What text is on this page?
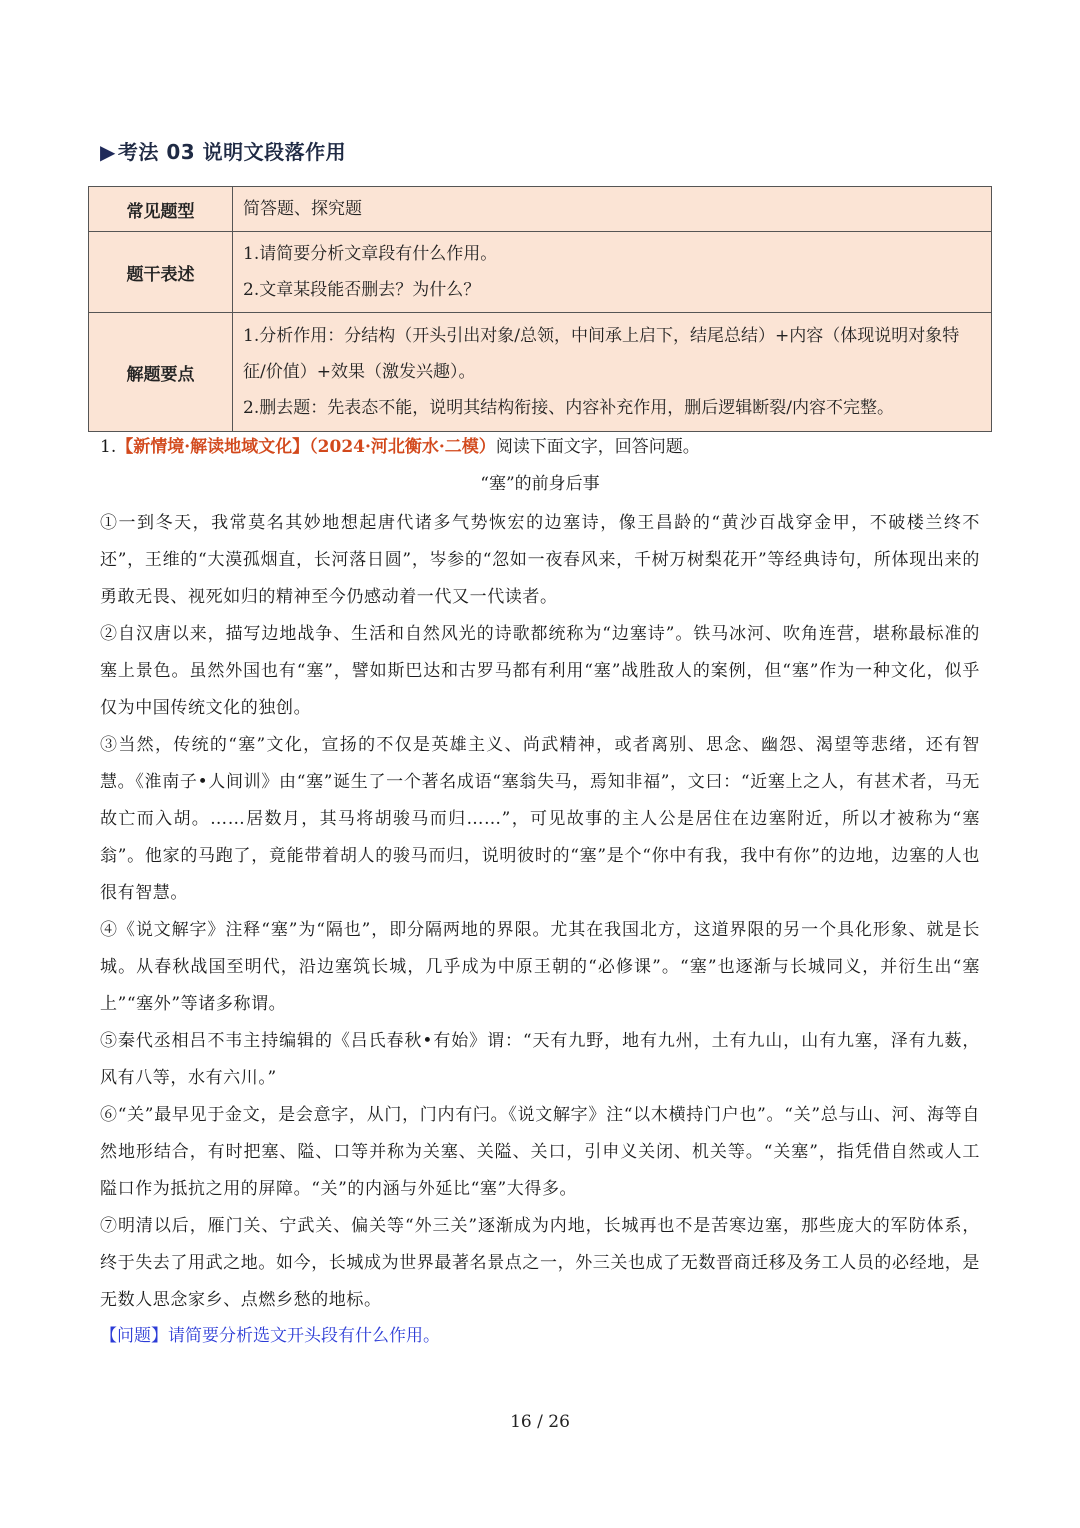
▶ 考法 03 说明文段落作用
常见题型	简答题、探究题

题干表述	1.请简要分析文章段有什么作用。
2.文章某段能否删去？为什么？

解题要点	1.分析作用：分结构（开头引出对象/总领，中间承上启下，结尾总结）+内容（体现说明对象特征/价值）+效果（激发兴趣）。
2.删去题：先表态不能，说明其结构衔接、内容补充作用，删后逻辑断裂/内容不完整。
1.【新情境·解读地域文化】（2024·河北衡水·二模）阅读下面文字，回答问题。
“塞”的前身后事

①一到冬天，我常莫名其妙地想起唐代诸多气势恢宏的边塞诗，像王昌龄的“黄沙百战穿金甲，不破楼兰终不还”，王维的“大漠孤烟直，长河落日圆”，岑参的“忽如一夜春风来，千树万树梨花开”等经典诗句，所体现出来的勇敢无畏、视死如归的精神至今仍感动着一代又一代读者。

②自汉唐以来，描写边地战争、生活和自然风光的诗歌都统称为“边塞诗”。铁马冰河、吹角连营，堪称最标准的塞上景色。虽然外国也有“塞”，譬如斯巴达和古罗马都有利用“塞”战胜敌人的案例，但“塞”作为一种文化，似乎仅为中国传统文化的独创。

③当然，传统的“塞”文化，宣扬的不仅是英雄主义、尚武精神，或者离别、思念、幽怨、渴望等悲绪，还有智慧。《淮南子•人间训》由“塞”诞生了一个著名成语“塞翁失马，焉知非福”，文曰：“近塞上之人，有甚术者，马无故亡而入胡。……居数月，其马将胡骏马而归……”，可见故事的主人公是居住在边塞附近，所以才被称为“塞翁”。他家的马跑了，竟能带着胡人的骏马而归，说明彼时的“塞”是个“你中有我，我中有你”的边地，边塞的人也很有智慧。

④《说文解字》注释“塞”为“隔也”，即分隔两地的界限。尤其在我国北方，这道界限的另一个具化形象、就是长城。从春秋战国至明代，沿边塞筑长城，几乎成为中原王朝的“必修课”。“塞”也逐渐与长城同义，并衍生出“塞上”“塞外”等诸多称谓。

⑤秦代丞相吕不韦主持编辑的《吕氏春秋•有始》谓：“天有九野，地有九州，土有九山，山有九塞，泽有九薮，风有八等，水有六川。”

⑥“关”最早见于金文，是会意字，从门，门内有闩。《说文解字》注“以木横持门户也”。“关”总与山、河、海等自然地形结合，有时把塞、隘、口等并称为关塞、关隘、关口，引申义关闭、机关等。“关塞”，指凭借自然或人工隘口作为抵抗之用的屏障。“关”的内涵与外延比“塞”大得多。

⑦明清以后，雁门关、宁武关、偏关等“外三关”逐渐成为内地，长城再也不是苦寒边塞，那些庞大的军防体系，终于失去了用武之地。如今，长城成为世界最著名景点之一，外三关也成了无数晋商迁移及务工人员的必经地，是无数人思念家乡、点燃乡愁的地标。

【问题】请简要分析选文开头段有什么作用。
16 / 26
